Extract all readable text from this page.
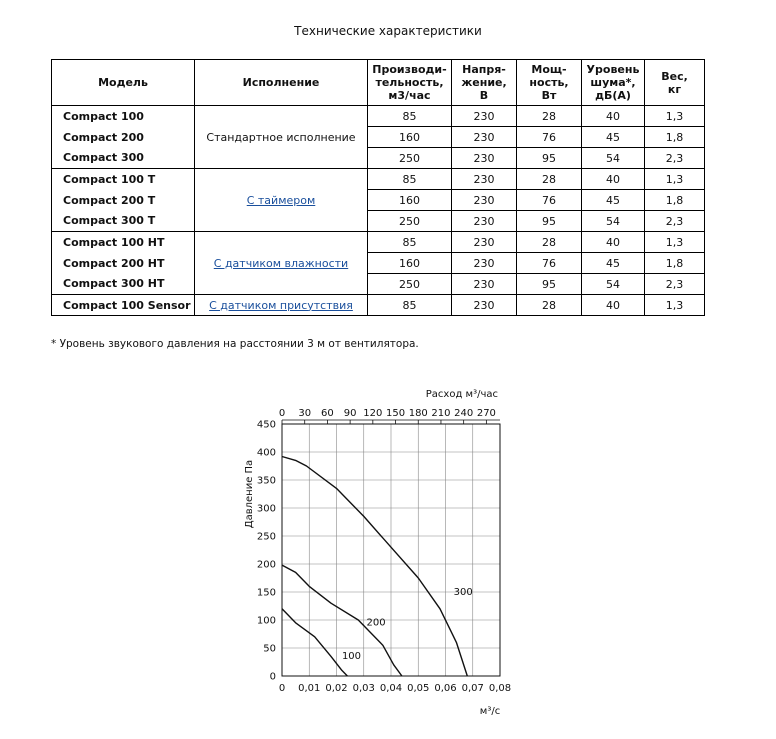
Технические характеристики
Модель	Исполнение	Производи-
тельность,
м3/час	Напря-
жение,
В	Мощ-
ность,
Вт	Уровень
шума*,
дБ(А)	Вес,
кг
Compact 100	Стандартное исполнение	85	230	28	40	1,3
Compact 200		160	230	76	45	1,8
Compact 300		250	230	95	54	2,3
Compact 100 T	С таймером	85	230	28	40	1,3
Compact 200 T		160	230	76	45	1,8
Compact 300 T		250	230	95	54	2,3
Compact 100 HT	С датчиком влажности	85	230	28	40	1,3
Compact 200 HT		160	230	76	45	1,8
Compact 300 HT		250	230	95	54	2,3
Compact 100 Sensor	С датчиком присутствия	85	230	28	40	1,3
* Уровень звукового давления на расстоянии 3 м от вентилятора.
0 0,01 0,02 0,03 0,04 0,05 0,06 0,07 0,08
0
50
100
150
200
250
300
350
400
450
0 30 60 90 120 150 180 210 240 270
Расход м³/час
Давление Па
м³/с
100
200
300
